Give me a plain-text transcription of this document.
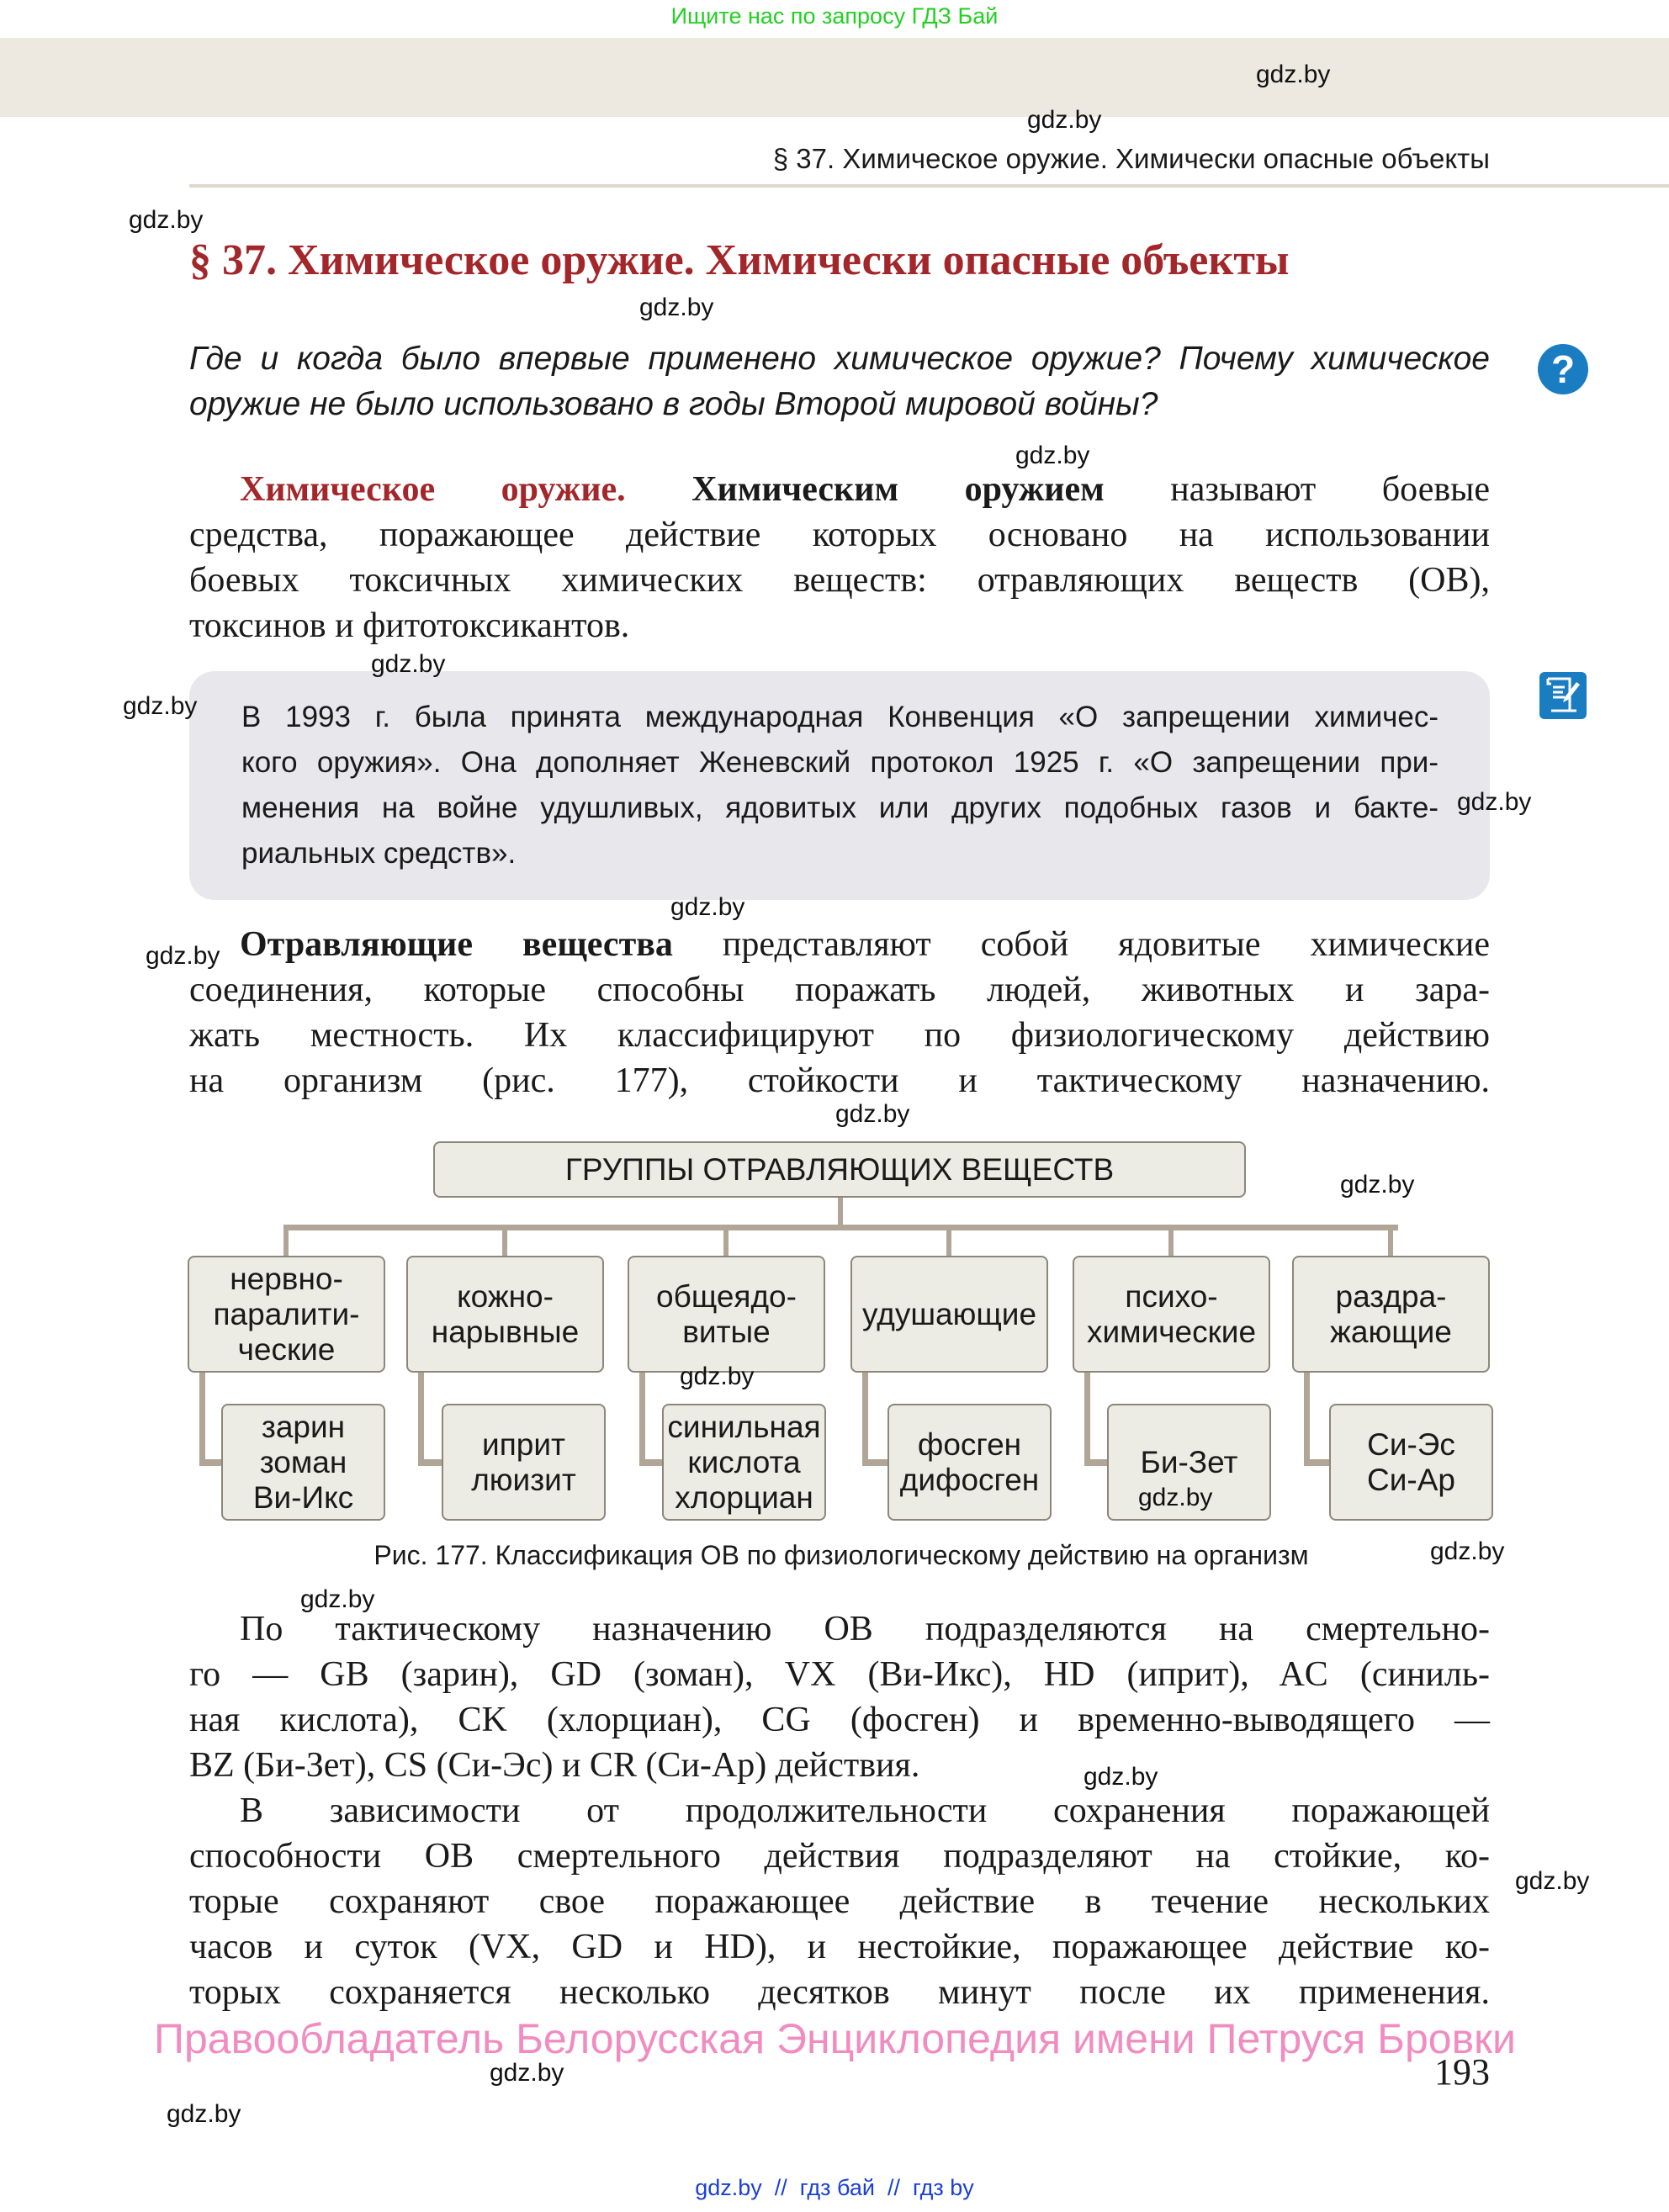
Ищите нас по запросу ГДЗ Бай
§ 37. Химическое оружие. Химически опасные объекты
§ 37. Химическое оружие. Химически опасные объекты
Где и когда было впервые применено химическое оружие? Почему химическое
оружие не было использовано в годы Второй мировой войны?
?
Химическое оружие. Химическим оружием называют боевые
средства, поражающее действие которых основано на использовании
боевых токсичных химических веществ: отравляющих веществ (ОВ),
токсинов и фитотоксикантов.
В 1993 г. была принята международная Конвенция «О запрещении химичес-
кого оружия». Она дополняет Женевский протокол 1925 г. «О запрещении при-
менения на войне удушливых, ядовитых или других подобных газов и бакте-
риальных средств».
Отравляющие вещества представляют собой ядовитые химические
соединения, которые способны поражать людей, животных и зара-
жать местность. Их классифицируют по физиологическому действию
на организм (рис. 177), стойкости и тактическому назначению.
ГРУППЫ ОТРАВЛЯЮЩИХ ВЕЩЕСТВ
нервно-
паралити-
ческие
зарин
зоман
Ви-Икс
кожно-
нарывные
иприт
люизит
общеядо-
витые
синильная
кислота
хлорциан
удушающие
фосген
дифосген
психо-
химические
Би-Зет
раздра-
жающие
Си-Эс
Си-Ар
Рис. 177. Классификация ОВ по физиологическому действию на организм
По тактическому назначению ОВ подразделяются на смертельно-
го — GB (зарин), GD (зоман), VX (Ви-Икс), HD (иприт), AC (синиль-
ная кислота), CK (хлорциан), CG (фосген) и временно-выводящего —
BZ (Би-Зет), CS (Си-Эс) и CR (Си-Ар) действия.
В зависимости от продолжительности сохранения поражающей
способности ОВ смертельного действия подразделяют на стойкие, ко-
торые сохраняют свое поражающее действие в течение нескольких
часов и суток (VX, GD и HD), и нестойкие, поражающее действие ко-
торых сохраняется несколько десятков минут после их применения.
Правообладатель Белорусская Энциклопедия имени Петруся Бровки
193
gdz.by  //  гдз бай  //  гдз by
gdz.by
gdz.by
gdz.by
gdz.by
gdz.by
gdz.by
gdz.by
gdz.by
gdz.by
gdz.by
gdz.by
gdz.by
gdz.by
gdz.by
gdz.by
gdz.by
gdz.by
gdz.by
gdz.by
gdz.by
